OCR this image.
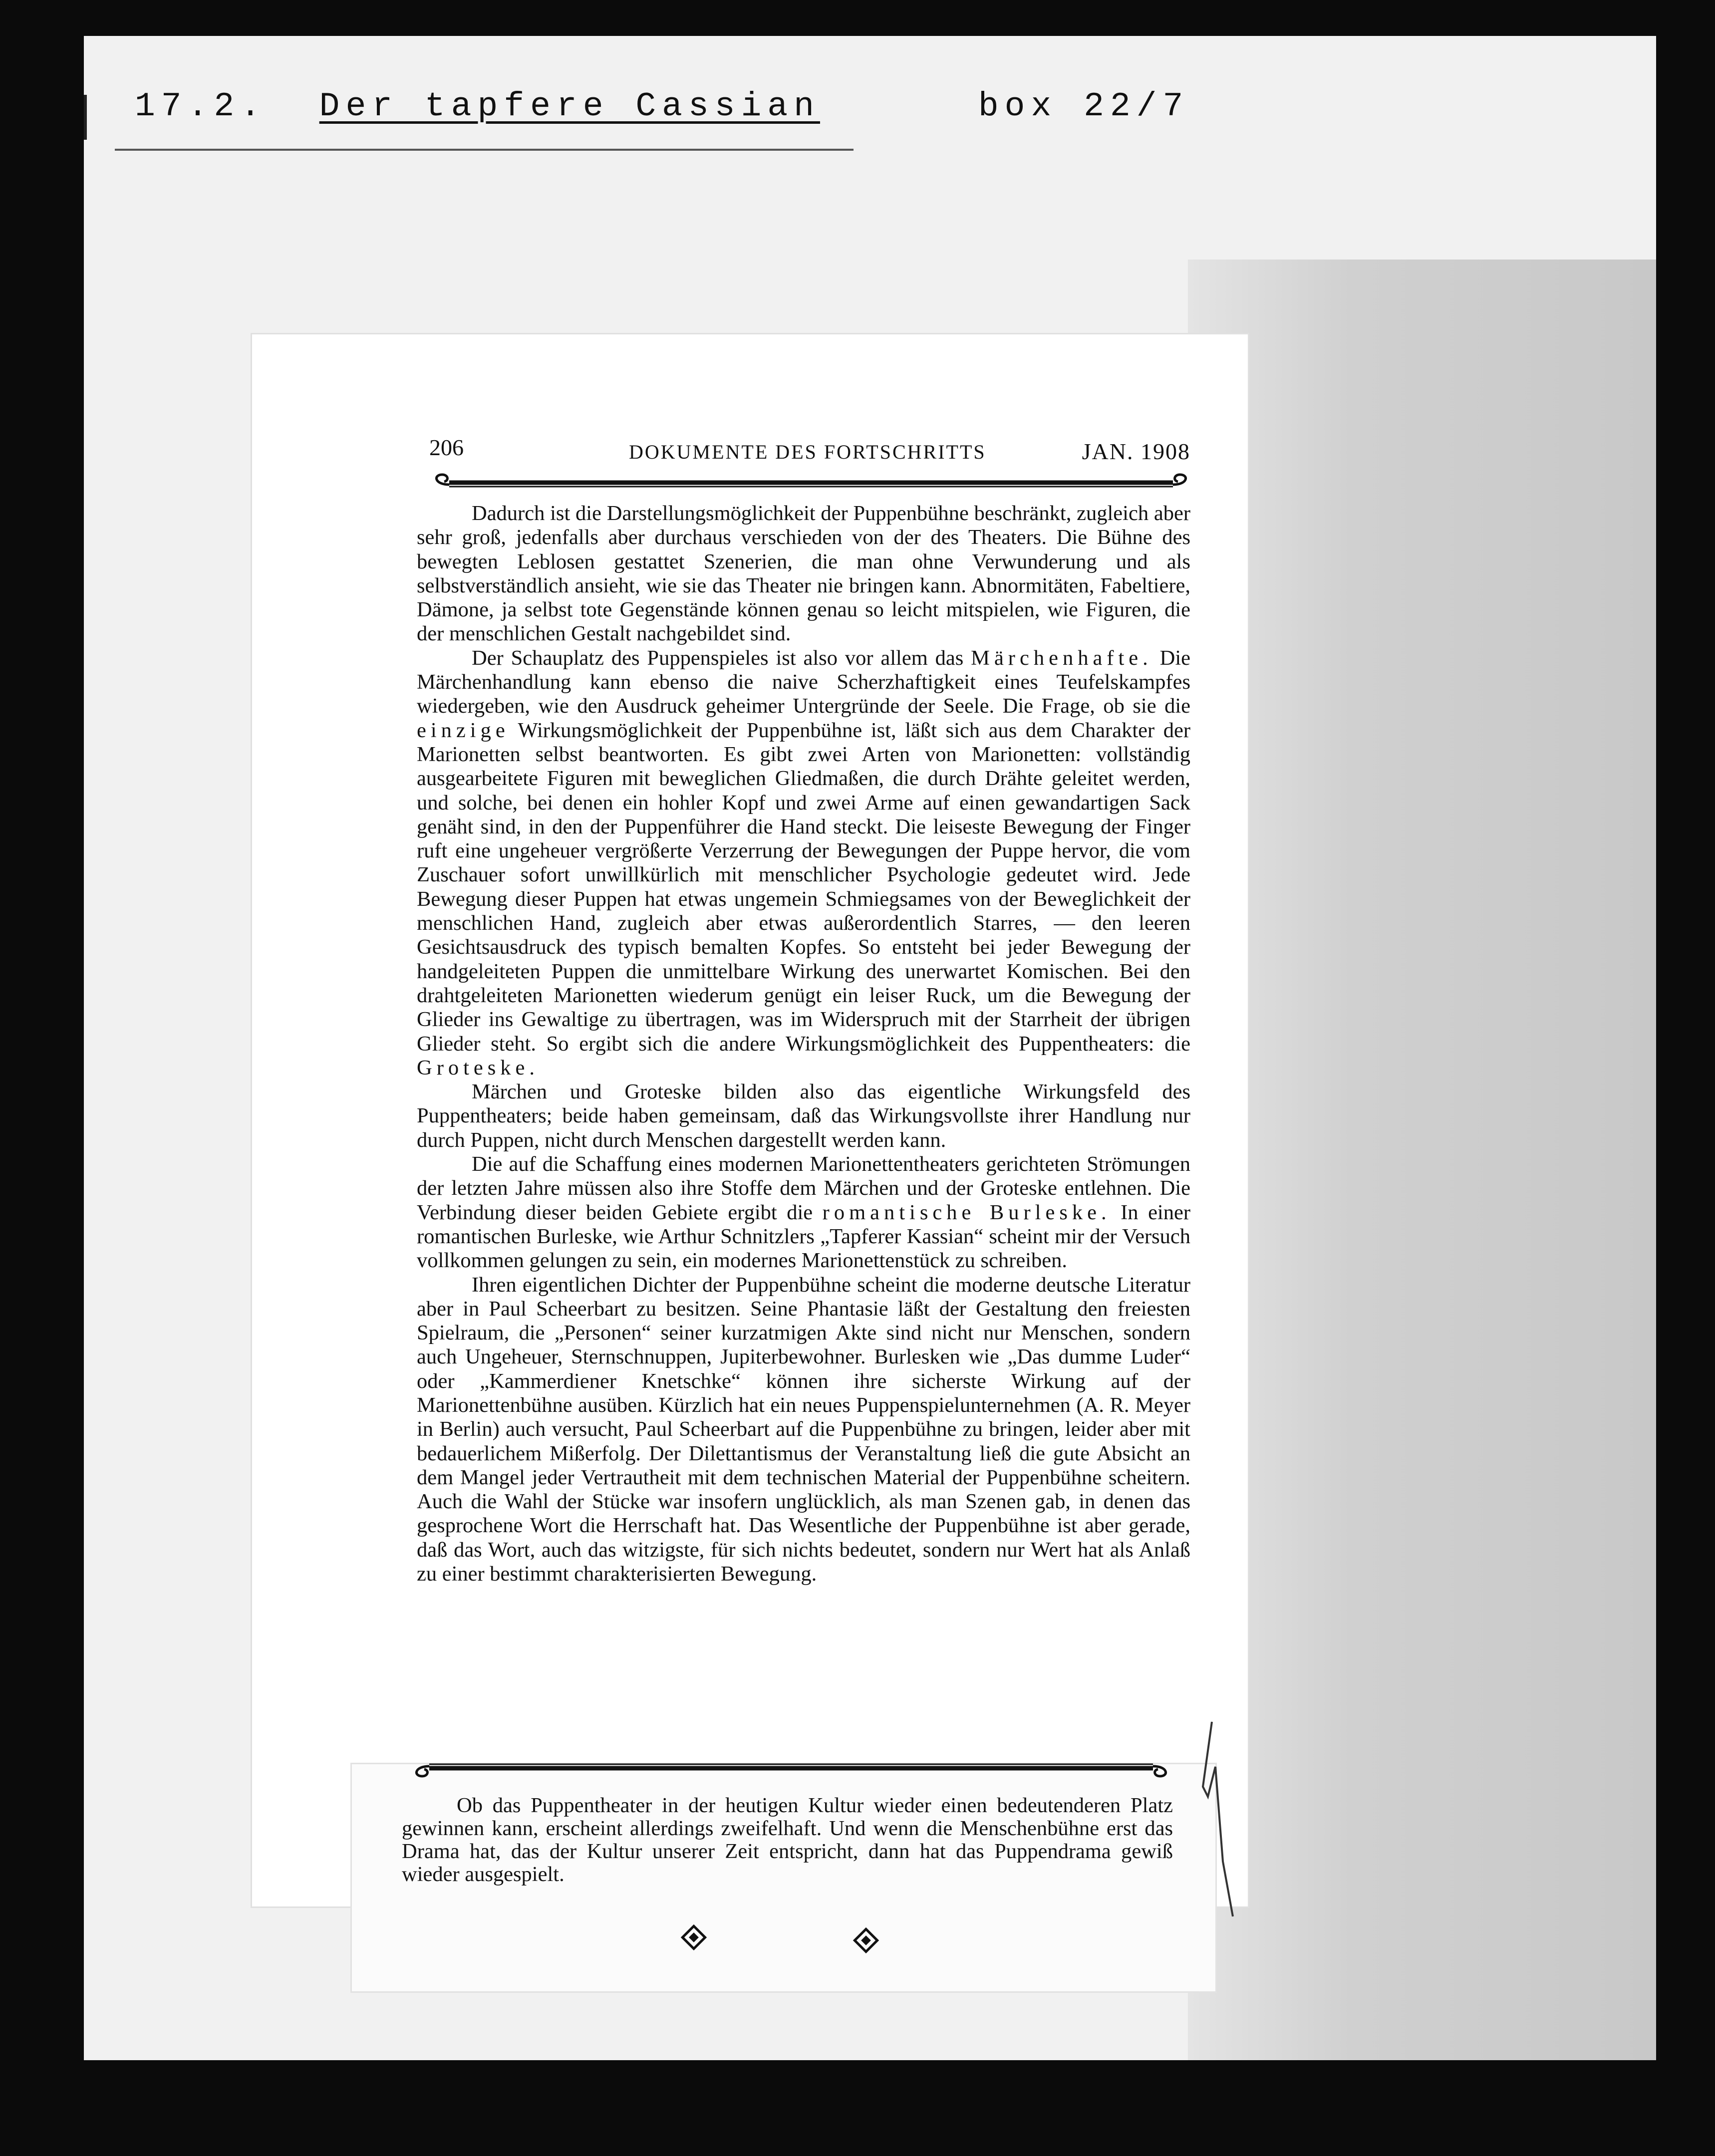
17.2. Der tapfere Cassian	box 22/7
206	DOKUMENTE DES FORTSCHRITTS	JAN. 1908

Dadurch ist die Darstellungsmöglichkeit der Puppenbühne beschränkt, zugleich aber sehr groß, jedenfalls aber durchaus verschieden von der des Theaters. Die Bühne des bewegten Leblosen gestattet Szenerien, die man ohne Verwunderung und als selbstverständlich ansieht, wie sie das Theater nie bringen kann. Abnormitäten, Fabeltiere, Dämone, ja selbst tote Gegenstände können genau so leicht mitspielen, wie Figuren, die der menschlichen Gestalt nachgebildet sind.

Der Schauplatz des Puppenspieles ist also vor allem das Märchenhafte. Die Märchenhandlung kann ebenso die naive Scherzhaftigkeit eines Teufelskampfes wiedergeben, wie den Ausdruck geheimer Untergründe der Seele. Die Frage, ob sie die einzige Wirkungsmöglichkeit der Puppenbühne ist, läßt sich aus dem Charakter der Marionetten selbst beantworten. Es gibt zwei Arten von Marionetten: vollständig ausgearbeitete Figuren mit beweglichen Gliedmaßen, die durch Drähte geleitet werden, und solche, bei denen ein hohler Kopf und zwei Arme auf einen gewandartigen Sack genäht sind, in den der Puppenführer die Hand steckt. Die leiseste Bewegung der Finger ruft eine ungeheuer vergrößerte Verzerrung der Bewegungen der Puppe hervor, die vom Zuschauer sofort unwillkürlich mit menschlicher Psychologie gedeutet wird. Jede Bewegung dieser Puppen hat etwas ungemein Schmiegsames von der Beweglichkeit der menschlichen Hand, zugleich aber etwas außerordentlich Starres, — den leeren Gesichtsausdruck des typisch bemalten Kopfes. So entsteht bei jeder Bewegung der handgeleiteten Puppen die unmittelbare Wirkung des unerwartet Komischen. Bei den drahtgeleiteten Marionetten wiederum genügt ein leiser Ruck, um die Bewegung der Glieder ins Gewaltige zu übertragen, was im Widerspruch mit der Starrheit der übrigen Glieder steht. So ergibt sich die andere Wirkungsmöglichkeit des Puppentheaters: die Groteske.

Märchen und Groteske bilden also das eigentliche Wirkungsfeld des Puppentheaters; beide haben gemeinsam, daß das Wirkungsvollste ihrer Handlung nur durch Puppen, nicht durch Menschen dargestellt werden kann.

Die auf die Schaffung eines modernen Marionettentheaters gerichteten Strömungen der letzten Jahre müssen also ihre Stoffe dem Märchen und der Groteske entlehnen. Die Verbindung dieser beiden Gebiete ergibt die romantische Burleske. In einer romantischen Burleske, wie Arthur Schnitzlers „Tapferer Kassian“ scheint mir der Versuch vollkommen gelungen zu sein, ein modernes Marionettenstück zu schreiben.

Ihren eigentlichen Dichter der Puppenbühne scheint die moderne deutsche Literatur aber in Paul Scheerbart zu besitzen. Seine Phantasie läßt der Gestaltung den freiesten Spielraum, die „Personen“ seiner kurzatmigen Akte sind nicht nur Menschen, sondern auch Ungeheuer, Sternschnuppen, Jupiterbewohner. Burlesken wie „Das dumme Luder“ oder „Kammerdiener Knetschke“ können ihre sicherste Wirkung auf der Marionettenbühne ausüben. Kürzlich hat ein neues Puppenspielunternehmen (A. R. Meyer in Berlin) auch versucht, Paul Scheerbart auf die Puppenbühne zu bringen, leider aber mit bedauerlichem Mißerfolg. Der Dilettantismus der Veranstaltung ließ die gute Absicht an dem Mangel jeder Vertrautheit mit dem technischen Material der Puppenbühne scheitern. Auch die Wahl der Stücke war insofern unglücklich, als man Szenen gab, in denen das gesprochene Wort die Herrschaft hat. Das Wesentliche der Puppenbühne ist aber gerade, daß das Wort, auch das witzigste, für sich nichts bedeutet, sondern nur Wert hat als Anlaß zu einer bestimmt charakterisierten Bewegung.

Ob das Puppentheater in der heutigen Kultur wieder einen bedeutenderen Platz gewinnen kann, erscheint allerdings zweifelhaft. Und wenn die Menschenbühne erst das Drama hat, das der Kultur unserer Zeit entspricht, dann hat das Puppendrama gewiß wieder ausgespielt.
